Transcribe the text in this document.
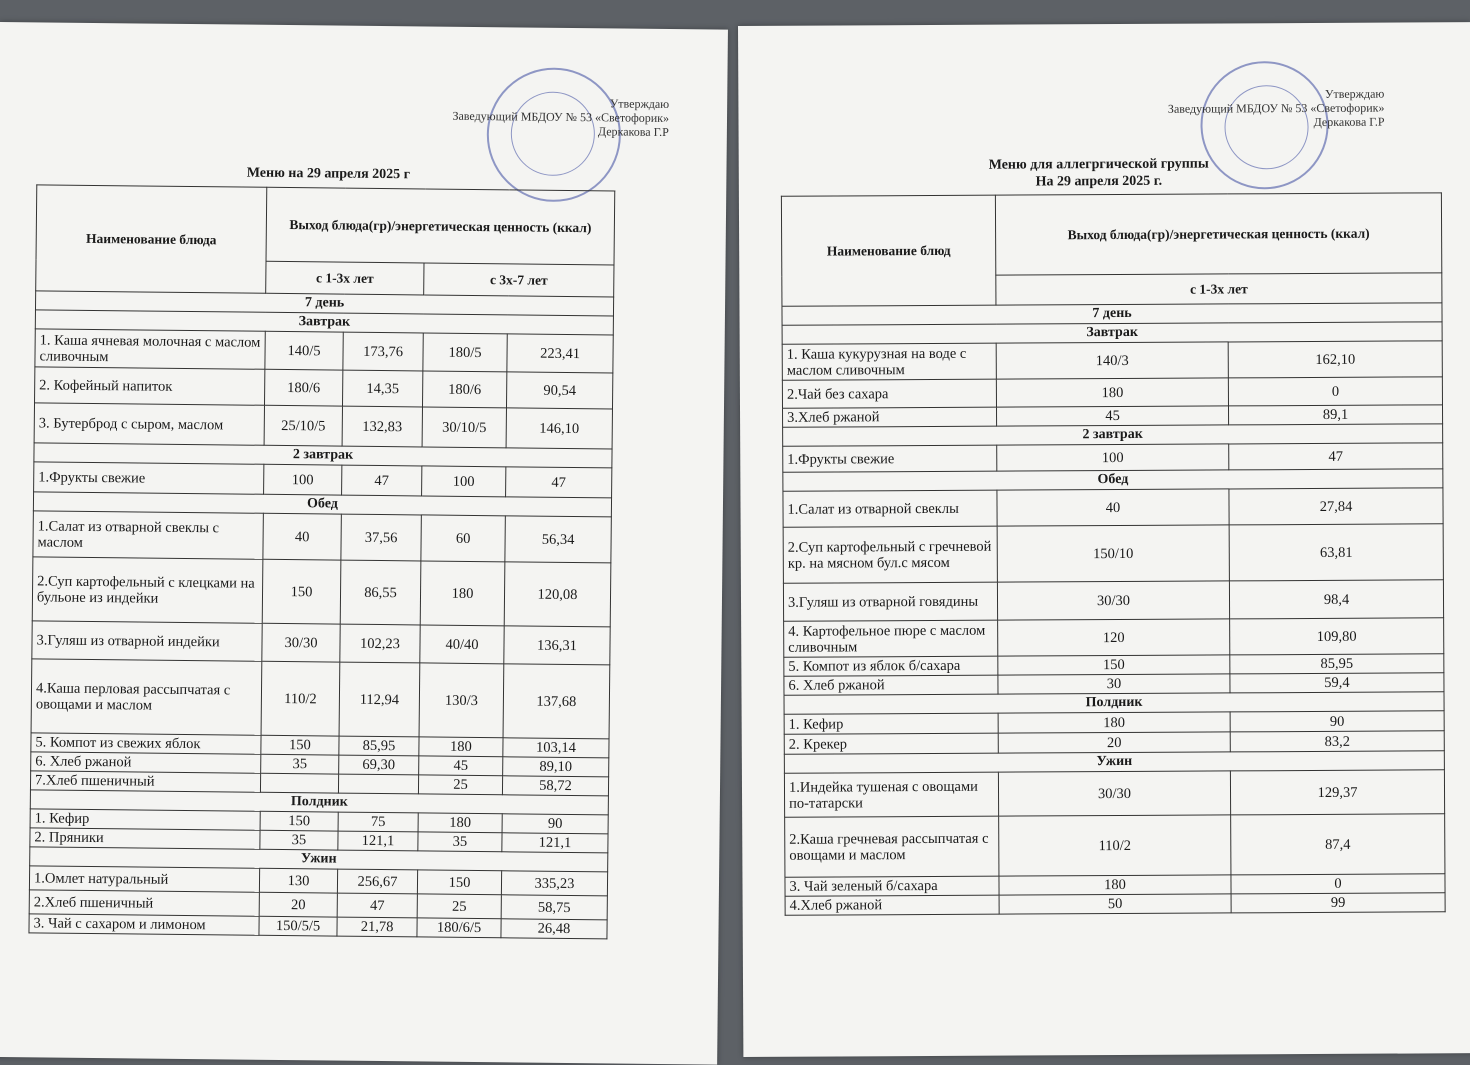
Утверждаю
Заведующий МБДОУ № 53 «Светофорик»
Деркакова Г.Р
Меню на 29 апреля 2025 г
Наименование блюда	Выход блюда(гр)/энергетическая ценность (ккал)			
	с 1-3х лет		с 3х-7 лет	
7 день				
Завтрак				
1. Каша ячневая молочная с маслом сливочным	140/5	173,76	180/5	223,41
2. Кофейный напиток	180/6	14,35	180/6	90,54
3. Бутерброд с сыром, маслом	25/10/5	132,83	30/10/5	146,10
2 завтрак				
1.Фрукты свежие	100	47	100	47
Обед				
1.Салат из отварной свеклы с маслом	40	37,56	60	56,34
2.Суп картофельный с клецками на бульоне из индейки	150	86,55	180	120,08
3.Гуляш из отварной индейки	30/30	102,23	40/40	136,31
4.Каша перловая рассыпчатая с овощами и маслом	110/2	112,94	130/3	137,68
5. Компот из свежих яблок	150	85,95	180	103,14
6. Хлеб ржаной	35	69,30	45	89,10
7.Хлеб пшеничный			25	58,72
Полдник				
1. Кефир	150	75	180	90
2. Пряники	35	121,1	35	121,1
Ужин				
1.Омлет натуральный	130	256,67	150	335,23
2.Хлеб пшеничный	20	47	25	58,75
3. Чай с сахаром и лимоном	150/5/5	21,78	180/6/5	26,48
Утверждаю
Заведующий МБДОУ № 53 «Светофорик»
Деркакова Г.Р
Меню для аллегргической группы
На 29 апреля 2025 г.
Наименование блюд	Выход блюда(гр)/энергетическая ценность (ккал)	
	с 1-3х лет	
7 день		
Завтрак		
1. Каша кукурузная на воде с маслом сливочным	140/3	162,10
2.Чай без сахара	180	0
3.Хлеб ржаной	45	89,1
2 завтрак		
1.Фрукты свежие	100	47
Обед		
1.Салат из отварной свеклы	40	27,84
2.Суп картофельный с гречневой кр. на мясном бул.с мясом	150/10	63,81
3.Гуляш из отварной говядины	30/30	98,4
4. Картофельное пюре с маслом сливочным	120	109,80
5. Компот из яблок б/сахара	150	85,95
6. Хлеб ржаной	30	59,4
Полдник		
1. Кефир	180	90
2. Крекер	20	83,2
Ужин		
1.Индейка тушеная с овощами по-татарски	30/30	129,37
2.Каша гречневая рассыпчатая с овощами и маслом	110/2	87,4
3. Чай зеленый б/сахара	180	0
4.Хлеб ржаной	50	99
